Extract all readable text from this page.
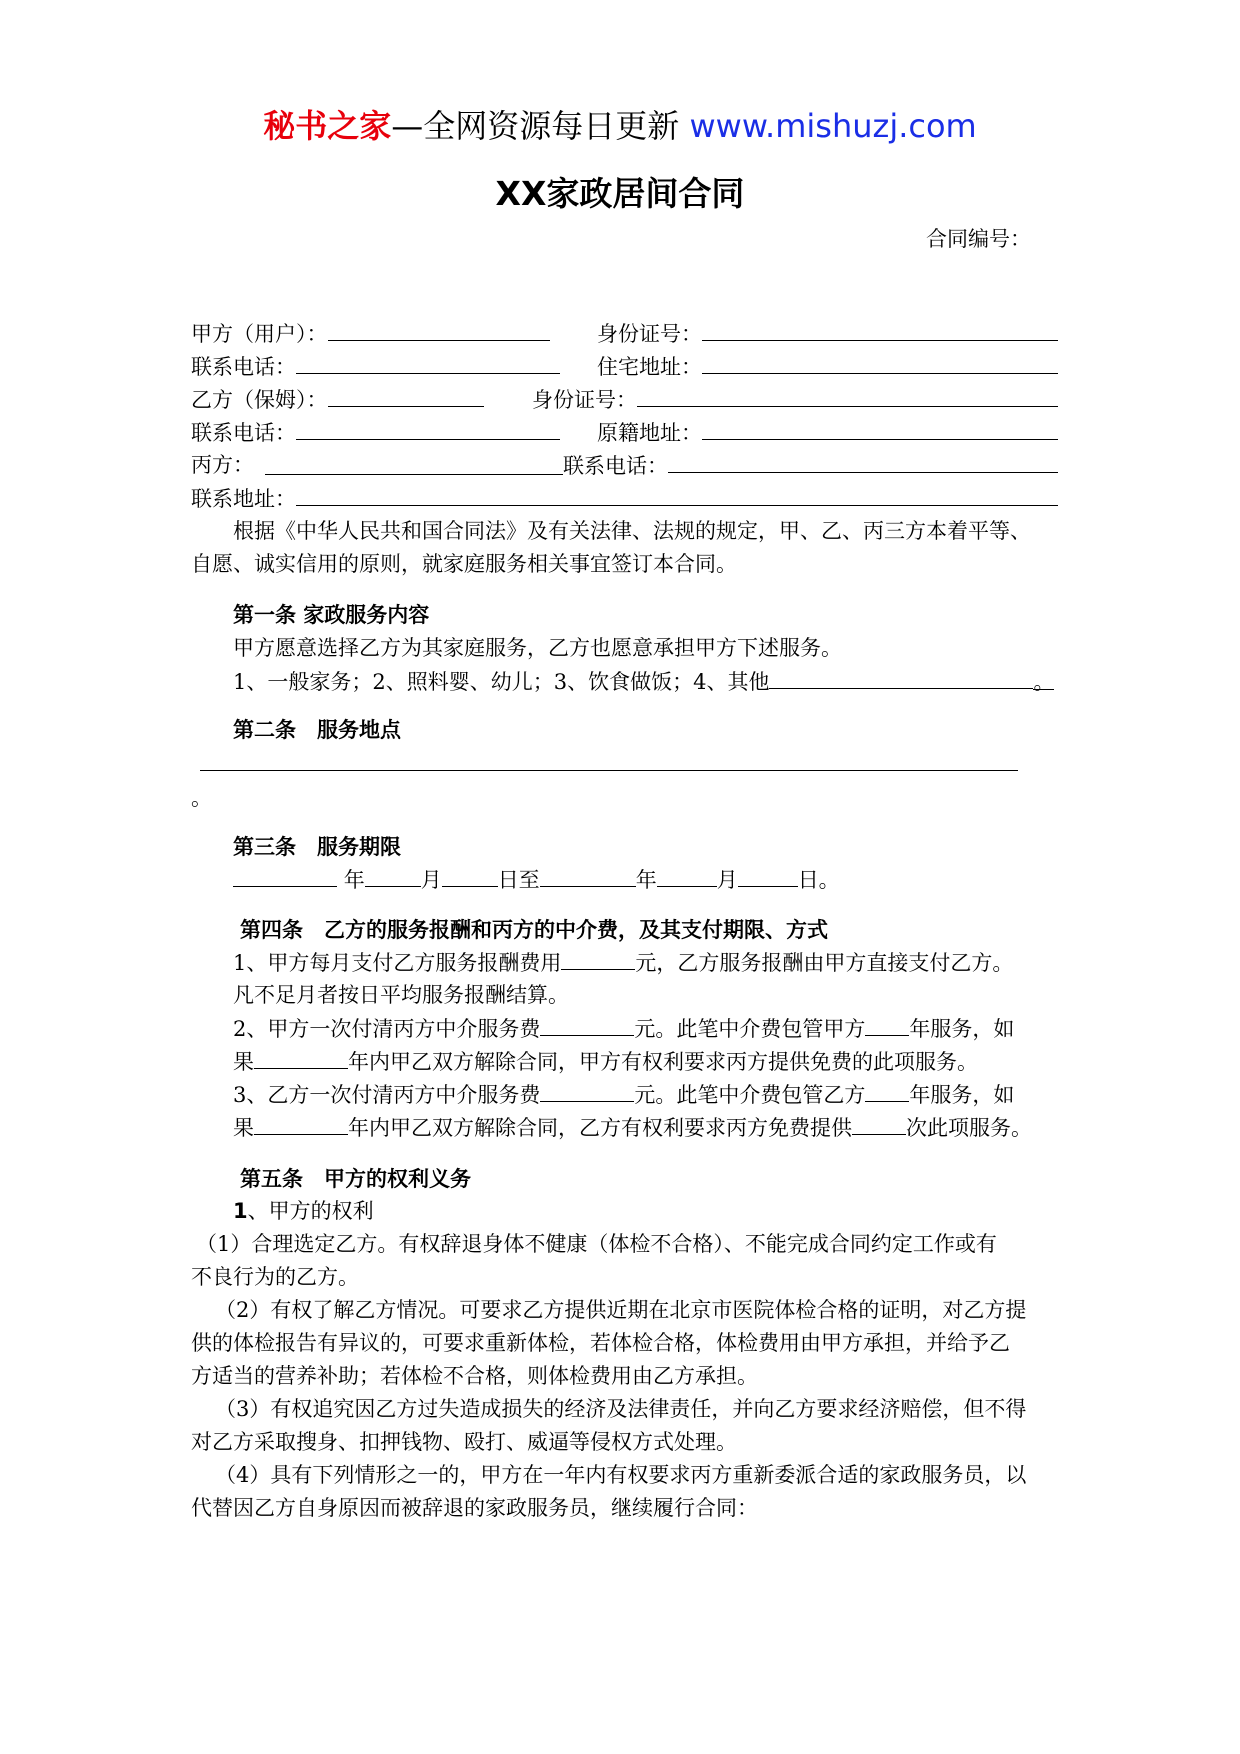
秘书之家—全网资源每日更新 www.mishuzj.com
XX家政居间合同
合同编号：
甲方（用户）：	身份证号：
联系电话：	住宅地址：
乙方（保姆）：	身份证号：
联系电话：	原籍地址：
丙方：	联系电话：
联系地址：
根据《中华人民共和国合同法》及有关法律、法规的规定，甲、乙、丙三方本着平等、
自愿、诚实信用的原则，就家庭服务相关事宜签订本合同。
第一条 家政服务内容
甲方愿意选择乙方为其家庭服务，乙方也愿意承担甲方下述服务。
1、一般家务；2、照料婴、幼儿；3、饮食做饭；4、其他	。
第二条　服务地点
。
第三条　服务期限
年	月	日至	年	月	日。
第四条　乙方的服务报酬和丙方的中介费，及其支付期限、方式
1、甲方每月支付乙方服务报酬费用	元，乙方服务报酬由甲方直接支付乙方。
凡不足月者按日平均服务报酬结算。
2、甲方一次付清丙方中介服务费	元。此笔中介费包管甲方 年服务，如
果	年内甲乙双方解除合同，甲方有权利要求丙方提供免费的此项服务。
3、乙方一次付清丙方中介服务费	元。此笔中介费包管乙方 年服务，如
果	年内甲乙双方解除合同，乙方有权利要求丙方免费提供	次此项服务。
第五条　甲方的权利义务
1、甲方的权利
（1）合理选定乙方。有权辞退身体不健康（体检不合格）、不能完成合同约定工作或有
不良行为的乙方。
（2）有权了解乙方情况。可要求乙方提供近期在北京市医院体检合格的证明，对乙方提
供的体检报告有异议的，可要求重新体检，若体检合格，体检费用由甲方承担，并给予乙
方适当的营养补助；若体检不合格，则体检费用由乙方承担。
（3）有权追究因乙方过失造成损失的经济及法律责任，并向乙方要求经济赔偿，但不得
对乙方采取搜身、扣押钱物、殴打、威逼等侵权方式处理。
（4）具有下列情形之一的，甲方在一年内有权要求丙方重新委派合适的家政服务员，以
代替因乙方自身原因而被辞退的家政服务员，继续履行合同：
